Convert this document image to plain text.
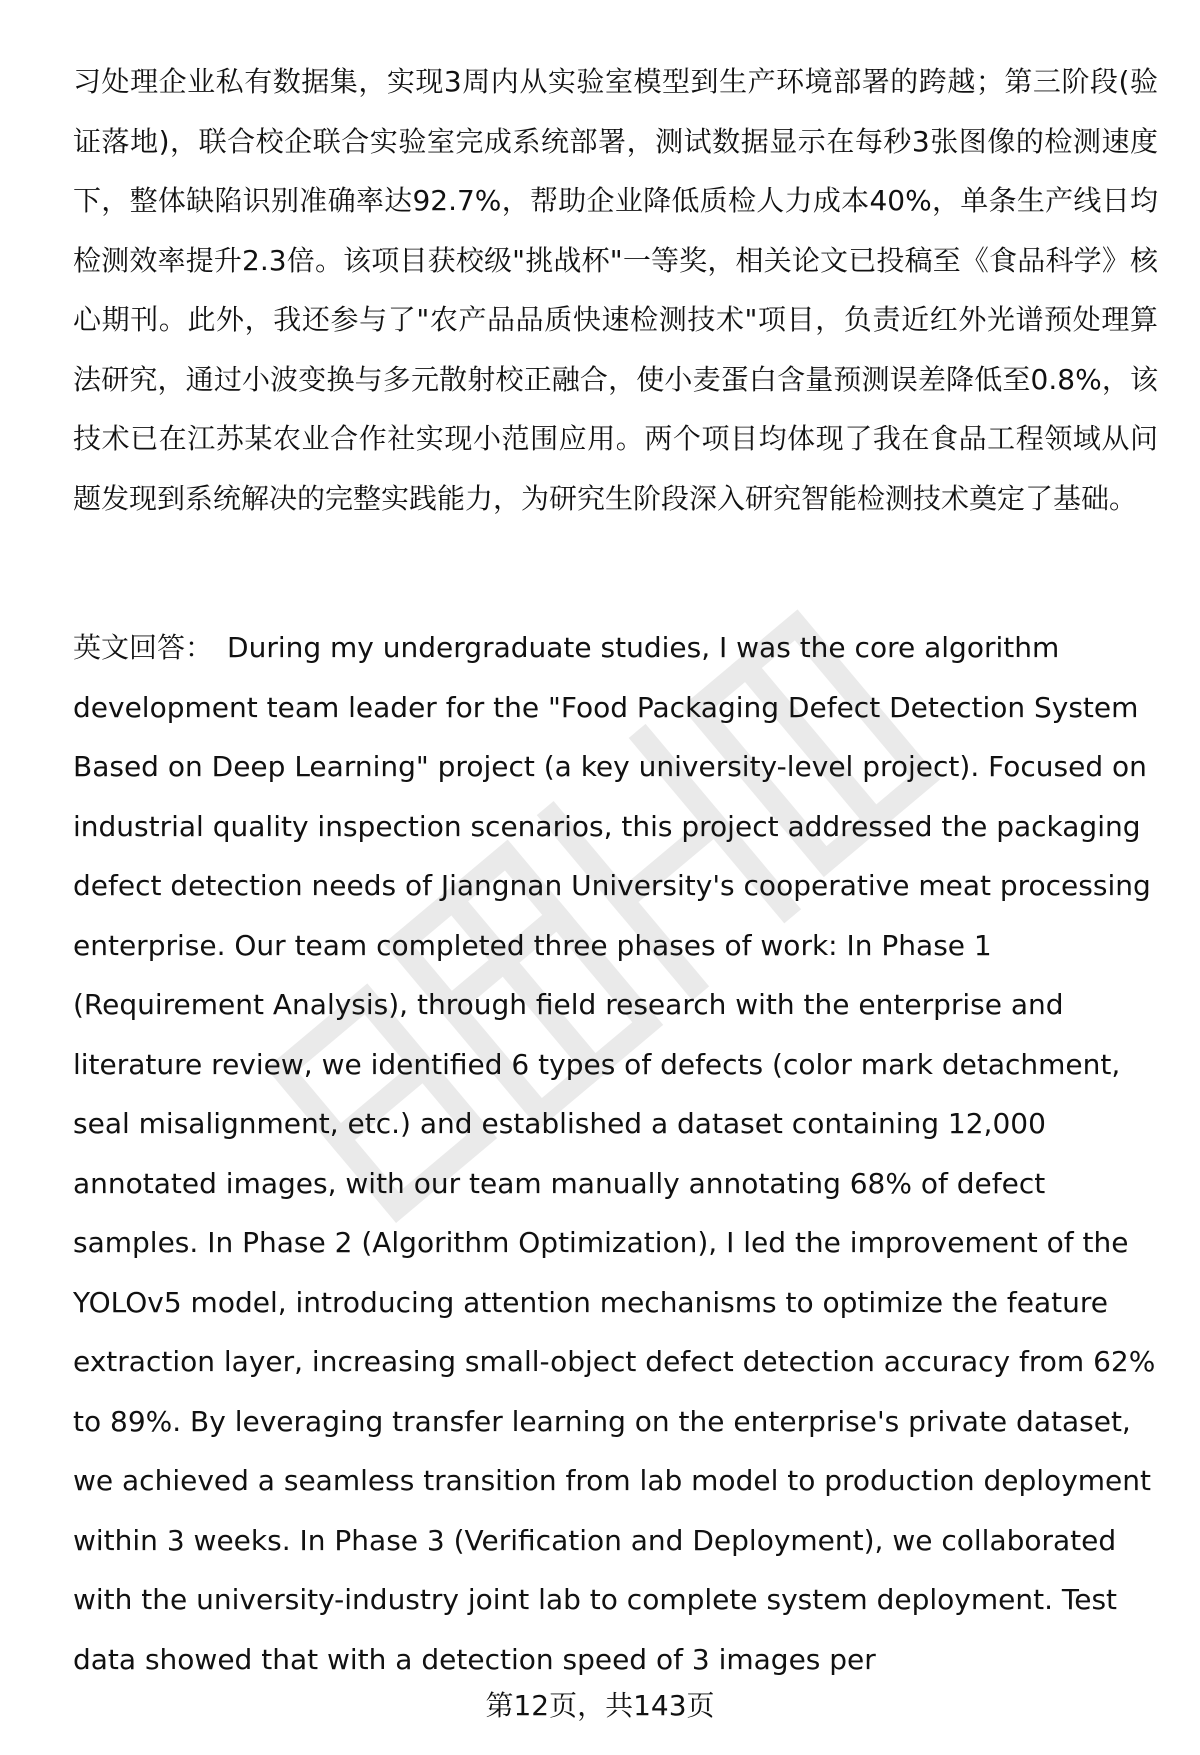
习处理企业私有数据集，实现3周内从实验室模型到生产环境部署的跨越；第三阶段(验证落地)，联合校企联合实验室完成系统部署，测试数据显示在每秒3张图像的检测速度下，整体缺陷识别准确率达92.7%，帮助企业降低质检人力成本40%，单条生产线日均检测效率提升2.3倍。该项目获校级"挑战杯"一等奖，相关论文已投稿至《食品科学》核心期刊。此外，我还参与了"农产品品质快速检测技术"项目，负责近红外光谱预处理算法研究，通过小波变换与多元散射校正融合，使小麦蛋白含量预测误差降低至0.8%，该技术已在江苏某农业合作社实现小范围应用。两个项目均体现了我在食品工程领域从问题发现到系统解决的完整实践能力，为研究生阶段深入研究智能检测技术奠定了基础。

英文回答： During my undergraduate studies, I was the core algorithm development team leader for the "Food Packaging Defect Detection System Based on Deep Learning" project (a key university-level project). Focused on industrial quality inspection scenarios, this project addressed the packaging defect detection needs of Jiangnan University's cooperative meat processing enterprise. Our team completed three phases of work: In Phase 1 (Requirement Analysis), through field research with the enterprise and literature review, we identified 6 types of defects (color mark detachment, seal misalignment, etc.) and established a dataset containing 12,000 annotated images, with our team manually annotating 68% of defect samples. In Phase 2 (Algorithm Optimization), I led the improvement of the YOLOv5 model, introducing attention mechanisms to optimize the feature extraction layer, increasing small-object defect detection accuracy from 62% to 89%. By leveraging transfer learning on the enterprise's private dataset, we achieved a seamless transition from lab model to production deployment within 3 weeks. In Phase 3 (Verification and Deployment), we collaborated with the university-industry joint lab to complete system deployment. Test data showed that with a detection speed of 3 images per

第12页，共143页
